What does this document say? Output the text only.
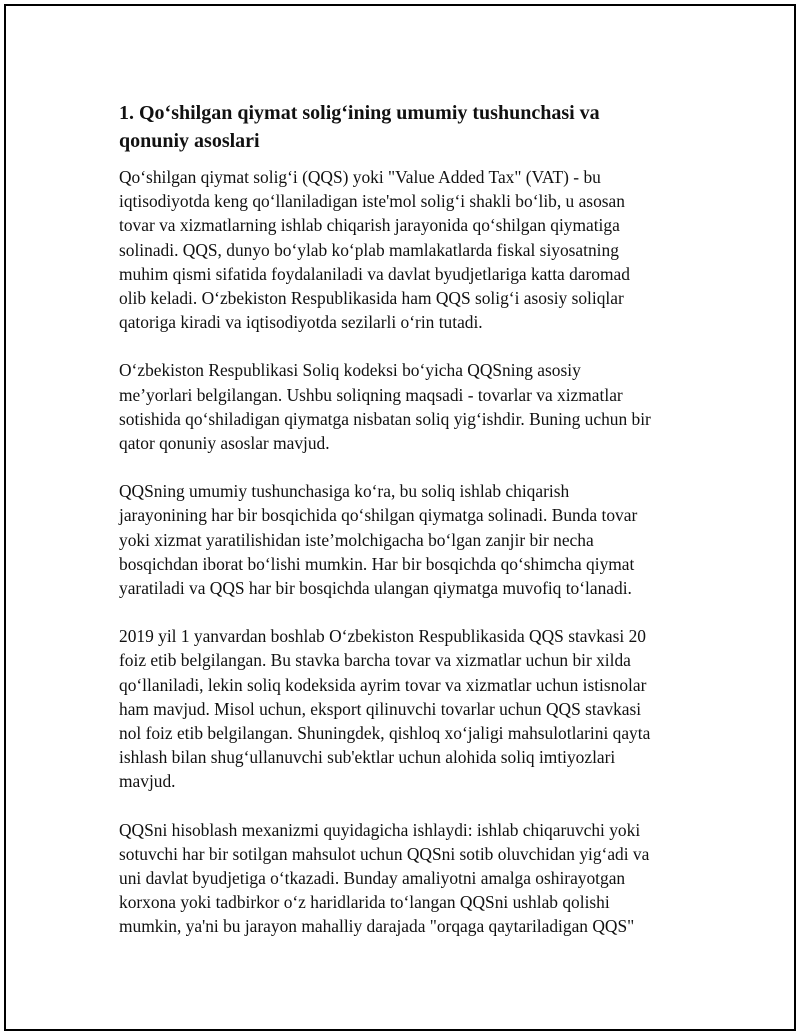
1. Qo‘shilgan qiymat solig‘ining umumiy tushunchasi va
qonuniy asoslari
Qo‘shilgan qiymat solig‘i (QQS) yoki "Value Added Tax" (VAT) - bu
iqtisodiyotda keng qo‘llaniladigan iste'mol solig‘i shakli bo‘lib, u asosan
tovar va xizmatlarning ishlab chiqarish jarayonida qo‘shilgan qiymatiga
solinadi. QQS, dunyo bo‘ylab ko‘plab mamlakatlarda fiskal siyosatning
muhim qismi sifatida foydalaniladi va davlat byudjetlariga katta daromad
olib keladi. O‘zbekiston Respublikasida ham QQS solig‘i asosiy soliqlar
qatoriga kiradi va iqtisodiyotda sezilarli o‘rin tutadi.
O‘zbekiston Respublikasi Soliq kodeksi bo‘yicha QQSning asosiy
me’yorlari belgilangan. Ushbu soliqning maqsadi - tovarlar va xizmatlar
sotishida qo‘shiladigan qiymatga nisbatan soliq yig‘ishdir. Buning uchun bir
qator qonuniy asoslar mavjud.
QQSning umumiy tushunchasiga ko‘ra, bu soliq ishlab chiqarish
jarayonining har bir bosqichida qo‘shilgan qiymatga solinadi. Bunda tovar
yoki xizmat yaratilishidan iste’molchigacha bo‘lgan zanjir bir necha
bosqichdan iborat bo‘lishi mumkin. Har bir bosqichda qo‘shimcha qiymat
yaratiladi va QQS har bir bosqichda ulangan qiymatga muvofiq to‘lanadi.
2019 yil 1 yanvardan boshlab O‘zbekiston Respublikasida QQS stavkasi 20
foiz etib belgilangan. Bu stavka barcha tovar va xizmatlar uchun bir xilda
qo‘llaniladi, lekin soliq kodeksida ayrim tovar va xizmatlar uchun istisnolar
ham mavjud. Misol uchun, eksport qilinuvchi tovarlar uchun QQS stavkasi
nol foiz etib belgilangan. Shuningdek, qishloq xo‘jaligi mahsulotlarini qayta
ishlash bilan shug‘ullanuvchi sub'ektlar uchun alohida soliq imtiyozlari
mavjud.
QQSni hisoblash mexanizmi quyidagicha ishlaydi: ishlab chiqaruvchi yoki
sotuvchi har bir sotilgan mahsulot uchun QQSni sotib oluvchidan yig‘adi va
uni davlat byudjetiga o‘tkazadi. Bunday amaliyotni amalga oshirayotgan
korxona yoki tadbirkor o‘z haridlarida to‘langan QQSni ushlab qolishi
mumkin, ya'ni bu jarayon mahalliy darajada "orqaga qaytariladigan QQS"
